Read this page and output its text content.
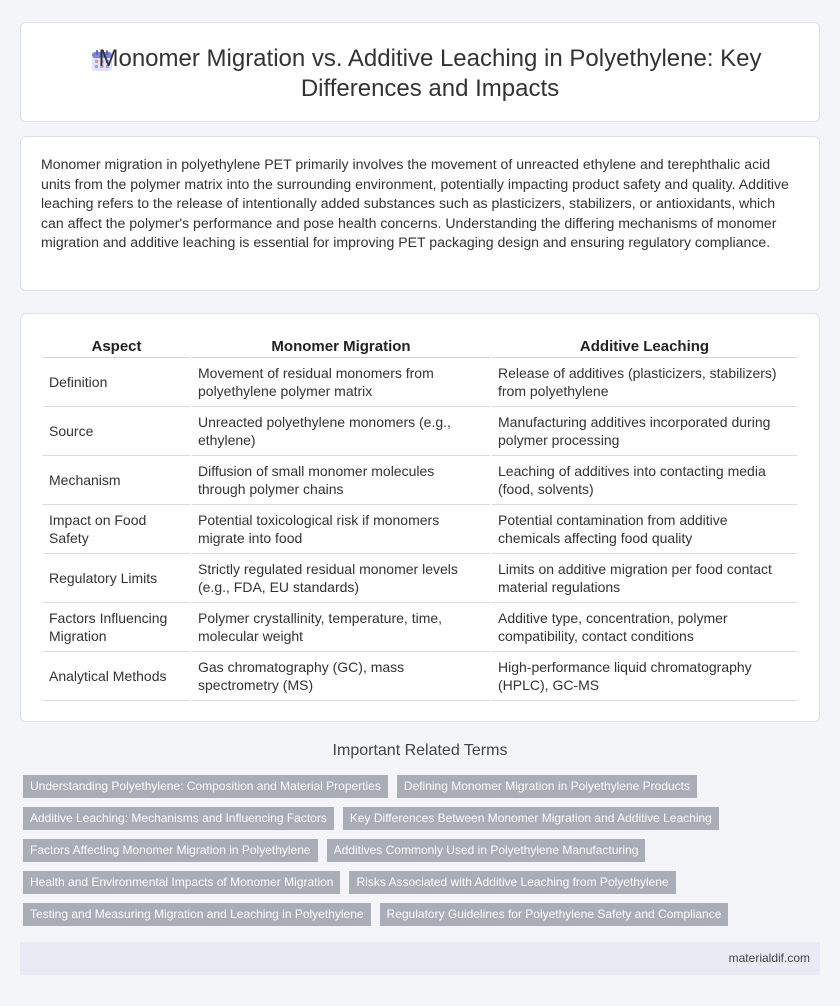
Monomer Migration vs. Additive Leaching in Polyethylene: Key Differences and Impacts

Monomer migration in polyethylene PET primarily involves the movement of unreacted ethylene and terephthalic acid units from the polymer matrix into the surrounding environment, potentially impacting product safety and quality. Additive leaching refers to the release of intentionally added substances such as plasticizers, stabilizers, or antioxidants, which can affect the polymer's performance and pose health concerns. Understanding the differing mechanisms of monomer migration and additive leaching is essential for improving PET packaging design and ensuring regulatory compliance.

Aspect	Monomer Migration	Additive Leaching
Definition	Movement of residual monomers from polyethylene polymer matrix	Release of additives (plasticizers, stabilizers) from polyethylene
Source	Unreacted polyethylene monomers (e.g., ethylene)	Manufacturing additives incorporated during polymer processing
Mechanism	Diffusion of small monomer molecules through polymer chains	Leaching of additives into contacting media (food, solvents)
Impact on Food Safety	Potential toxicological risk if monomers migrate into food	Potential contamination from additive chemicals affecting food quality
Regulatory Limits	Strictly regulated residual monomer levels (e.g., FDA, EU standards)	Limits on additive migration per food contact material regulations
Factors Influencing Migration	Polymer crystallinity, temperature, time, molecular weight	Additive type, concentration, polymer compatibility, contact conditions
Analytical Methods	Gas chromatography (GC), mass spectrometry (MS)	High-performance liquid chromatography (HPLC), GC-MS
Important Related Terms
Understanding Polyethylene: Composition and Material Properties	Defining Monomer Migration in Polyethylene Products
Additive Leaching: Mechanisms and Influencing Factors	Key Differences Between Monomer Migration and Additive Leaching
Factors Affecting Monomer Migration in Polyethylene	Additives Commonly Used in Polyethylene Manufacturing
Health and Environmental Impacts of Monomer Migration	Risks Associated with Additive Leaching from Polyethylene
Testing and Measuring Migration and Leaching in Polyethylene	Regulatory Guidelines for Polyethylene Safety and Compliance
materialdif.com
